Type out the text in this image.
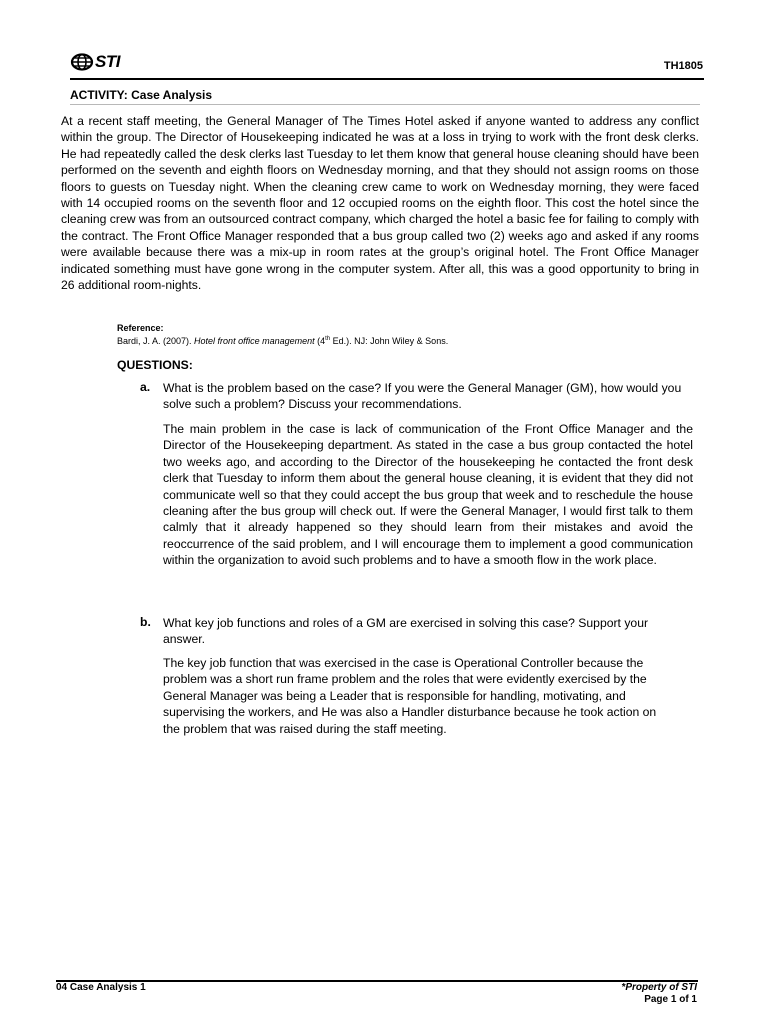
STI	TH1805
ACTIVITY: Case Analysis
At a recent staff meeting, the General Manager of The Times Hotel asked if anyone wanted to address any conflict within the group. The Director of Housekeeping indicated he was at a loss in trying to work with the front desk clerks. He had repeatedly called the desk clerks last Tuesday to let them know that general house cleaning should have been performed on the seventh and eighth floors on Wednesday morning, and that they should not assign rooms on those floors to guests on Tuesday night. When the cleaning crew came to work on Wednesday morning, they were faced with 14 occupied rooms on the seventh floor and 12 occupied rooms on the eighth floor. This cost the hotel since the cleaning crew was from an outsourced contract company, which charged the hotel a basic fee for failing to comply with the contract. The Front Office Manager responded that a bus group called two (2) weeks ago and asked if any rooms were available because there was a mix-up in room rates at the group’s original hotel. The Front Office Manager indicated something must have gone wrong in the computer system. After all, this was a good opportunity to bring in 26 additional room-nights.
Reference:
Bardi, J. A. (2007). Hotel front office management (4th Ed.). NJ: John Wiley & Sons.
QUESTIONS:
a. What is the problem based on the case? If you were the General Manager (GM), how would you solve such a problem? Discuss your recommendations.
The main problem in the case is lack of communication of the Front Office Manager and the Director of the Housekeeping department. As stated in the case a bus group contacted the hotel two weeks ago, and according to the Director of the housekeeping he contacted the front desk clerk that Tuesday to inform them about the general house cleaning, it is evident that they did not communicate well so that they could accept the bus group that week and to reschedule the house cleaning after the bus group will check out. If were the General Manager, I would first talk to them calmly that it already happened so they should learn from their mistakes and avoid the reoccurrence of the said problem, and I will encourage them to implement a good communication within the organization to avoid such problems and to have a smooth flow in the work place.
b. What key job functions and roles of a GM are exercised in solving this case? Support your answer.
The key job function that was exercised in the case is Operational Controller because the problem was a short run frame problem and the roles that were evidently exercised by the General Manager was being a Leader that is responsible for handling, motivating, and supervising the workers, and He was also a Handler disturbance because he took action on the problem that was raised during the staff meeting.
04 Case Analysis 1	*Property of STI
Page 1 of 1
